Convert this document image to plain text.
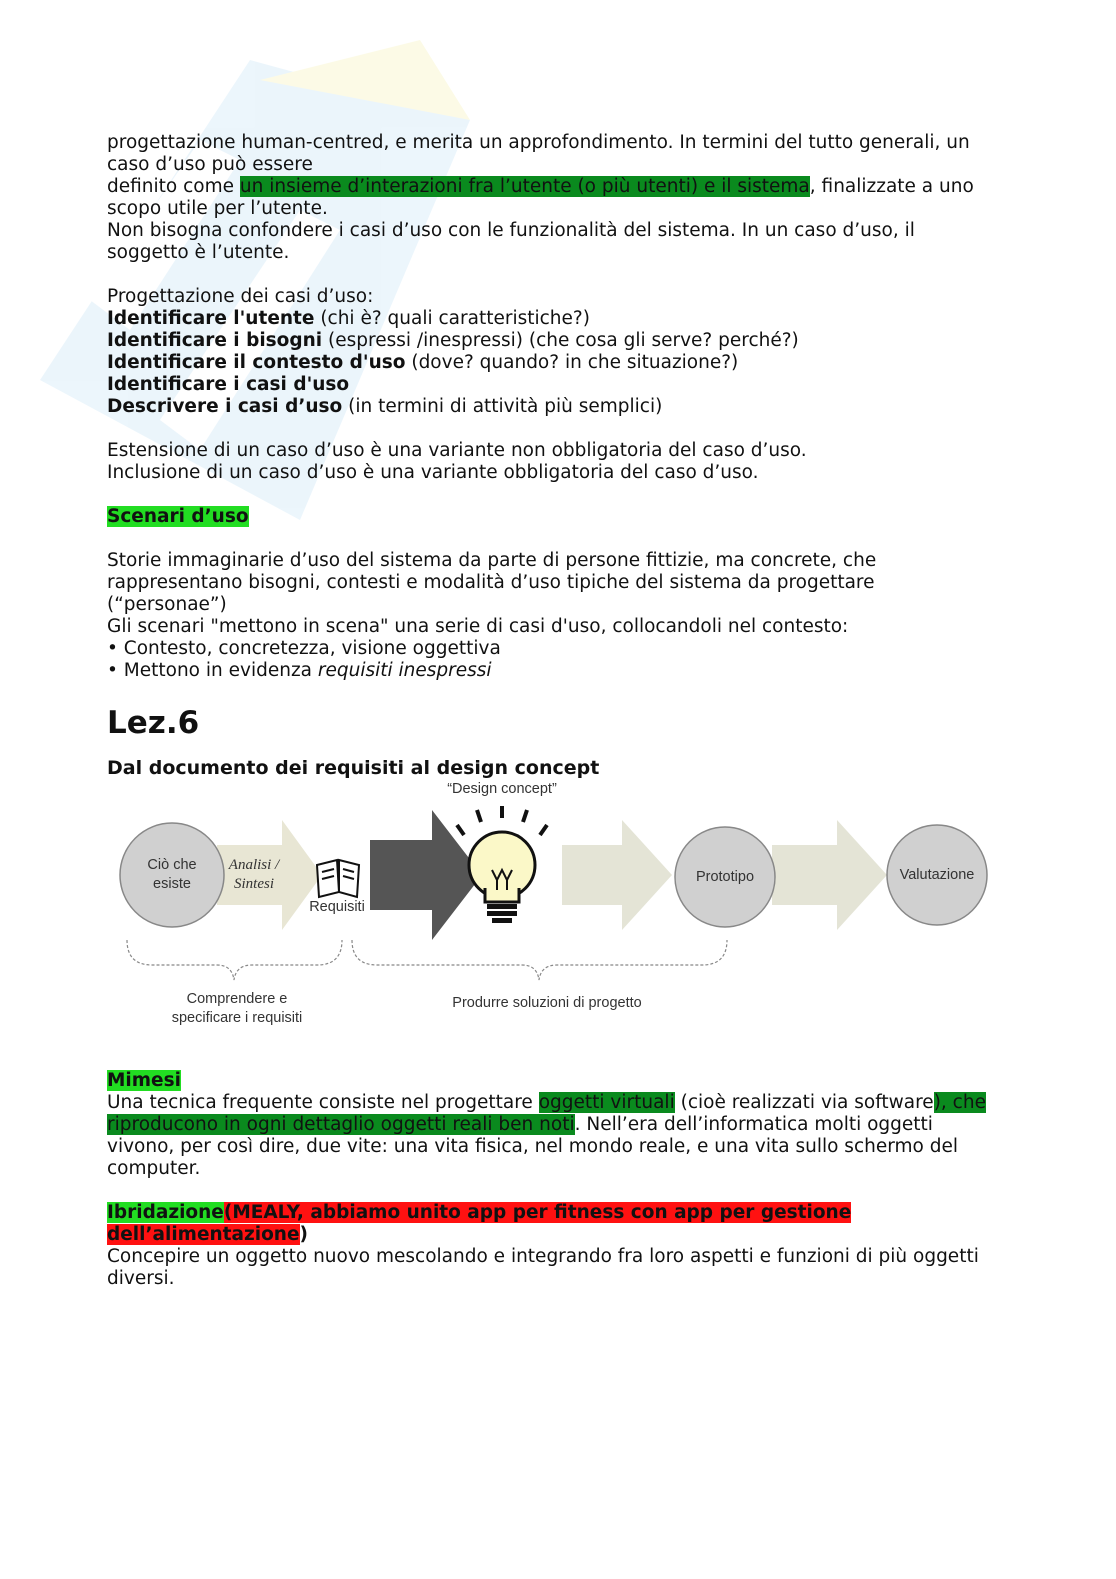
progettazione human-centred, e merita un approfondimento. In termini del tutto generali, un

caso d’uso può essere

definito come un insieme d’interazioni fra l’utente (o più utenti) e il sistema, finalizzate a uno

scopo utile per l’utente.

Non bisogna confondere i casi d’uso con le funzionalità del sistema. In un caso d’uso, il

soggetto è l’utente.

Progettazione dei casi d’uso:

Identificare l'utente (chi è? quali caratteristiche?)

Identificare i bisogni (espressi /inespressi) (che cosa gli serve? perché?)

Identificare il contesto d'uso (dove? quando? in che situazione?)

Identificare i casi d'uso

Descrivere i casi d’uso (in termini di attività più semplici)

Estensione di un caso d’uso è una variante non obbligatoria del caso d’uso.

Inclusione di un caso d’uso è una variante obbligatoria del caso d’uso.

Scenari d’uso

Storie immaginarie d’uso del sistema da parte di persone fittizie, ma concrete, che

rappresentano bisogni, contesti e modalità d’uso tipiche del sistema da progettare

(“personae”)

Gli scenari "mettono in scena" una serie di casi d'uso, collocandoli nel contesto:

• Contesto, concretezza, visione oggettiva

• Mettono in evidenza requisiti inespressi

Lez.6
Dal documento dei requisiti al design concept
“Design concept”
Ciò che esiste
Analisi / Sintesi
Requisiti
Prototipo	Valutazione
Comprendere e specificare i requisiti
Produrre soluzioni di progetto

Mimesi

Una tecnica frequente consiste nel progettare oggetti virtuali (cioè realizzati via software), che

riproducono in ogni dettaglio oggetti reali ben noti. Nell’era dell’informatica molti oggetti

vivono, per così dire, due vite: una vita fisica, nel mondo reale, e una vita sullo schermo del

computer.

Ibridazione(MEALY, abbiamo unito app per fitness con app per gestione

dell’alimentazione)

Concepire un oggetto nuovo mescolando e integrando fra loro aspetti e funzioni di più oggetti

diversi.
